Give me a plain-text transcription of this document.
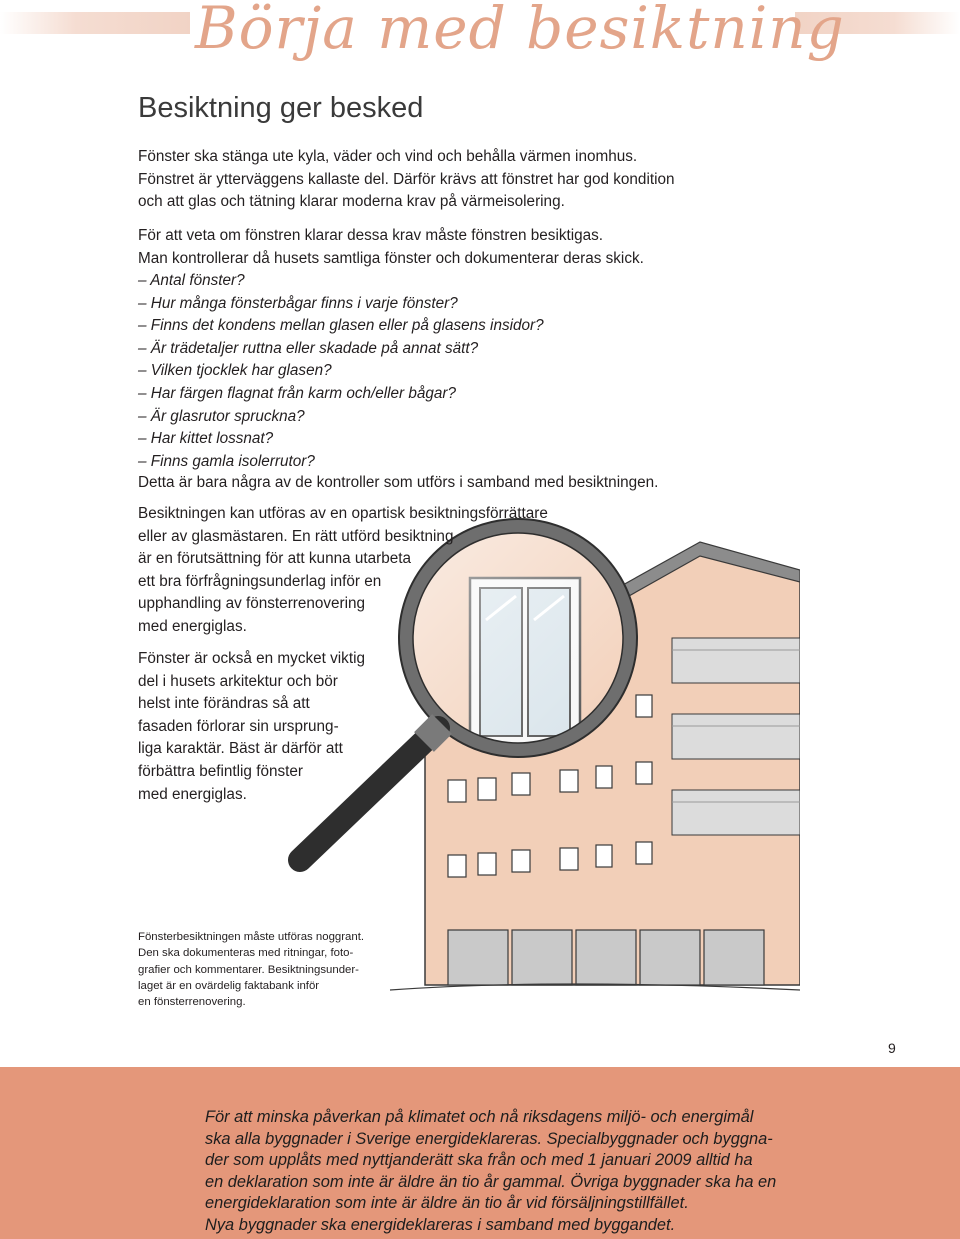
Börja med besiktning
Besiktning ger besked
Fönster ska stänga ute kyla, väder och vind och behålla värmen inomhus.
Fönstret är ytterväggens kallaste del. Därför krävs att fönstret har god kondition
och att glas och tätning klarar moderna krav på värmeisolering.
För att veta om fönstren klarar dessa krav måste fönstren besiktigas.
Man kontrollerar då husets samtliga fönster och dokumenterar deras skick.
– Antal fönster?
– Hur många fönsterbågar finns i varje fönster?
– Finns det kondens mellan glasen eller på glasens insidor?
– Är trädetaljer ruttna eller skadade på annat sätt?
– Vilken tjocklek har glasen?
– Har färgen flagnat från karm och/eller bågar?
– Är glasrutor spruckna?
– Har kittet lossnat?
– Finns gamla isolerrutor?

Detta är bara några av de kontroller som utförs i samband med besiktningen.

Besiktningen kan utföras av en opartisk besiktningsförrättare
eller av glasmästaren. En rätt utförd besiktning
är en förutsättning för att kunna utarbeta
ett bra förfrågningsunderlag inför en
upphandling av fönsterrenovering
med energiglas.
Fönster är också en mycket viktig
del i husets arkitektur och bör
helst inte förändras så att
fasaden förlorar sin ursprung-
liga karaktär. Bäst är därför att
förbättra befintlig fönster
med energiglas.
Fönsterbesiktningen måste utföras noggrant.
Den ska dokumenteras med ritningar, foto-
grafier och kommentarer. Besiktningsunder-
laget är en ovärdelig faktabank inför
en fönsterrenovering.
9
För att minska påverkan på klimatet och nå riksdagens miljö- och energimål
ska alla byggnader i Sverige energideklareras. Specialbyggnader och byggna-
der som upplåts med nyttjanderätt ska från och med 1 januari 2009 alltid ha
en deklaration som inte är äldre än tio år gammal. Övriga byggnader ska ha en
energideklaration som inte är äldre än tio år vid försäljningstillfället.
Nya byggnader ska energideklareras i samband med byggandet.
